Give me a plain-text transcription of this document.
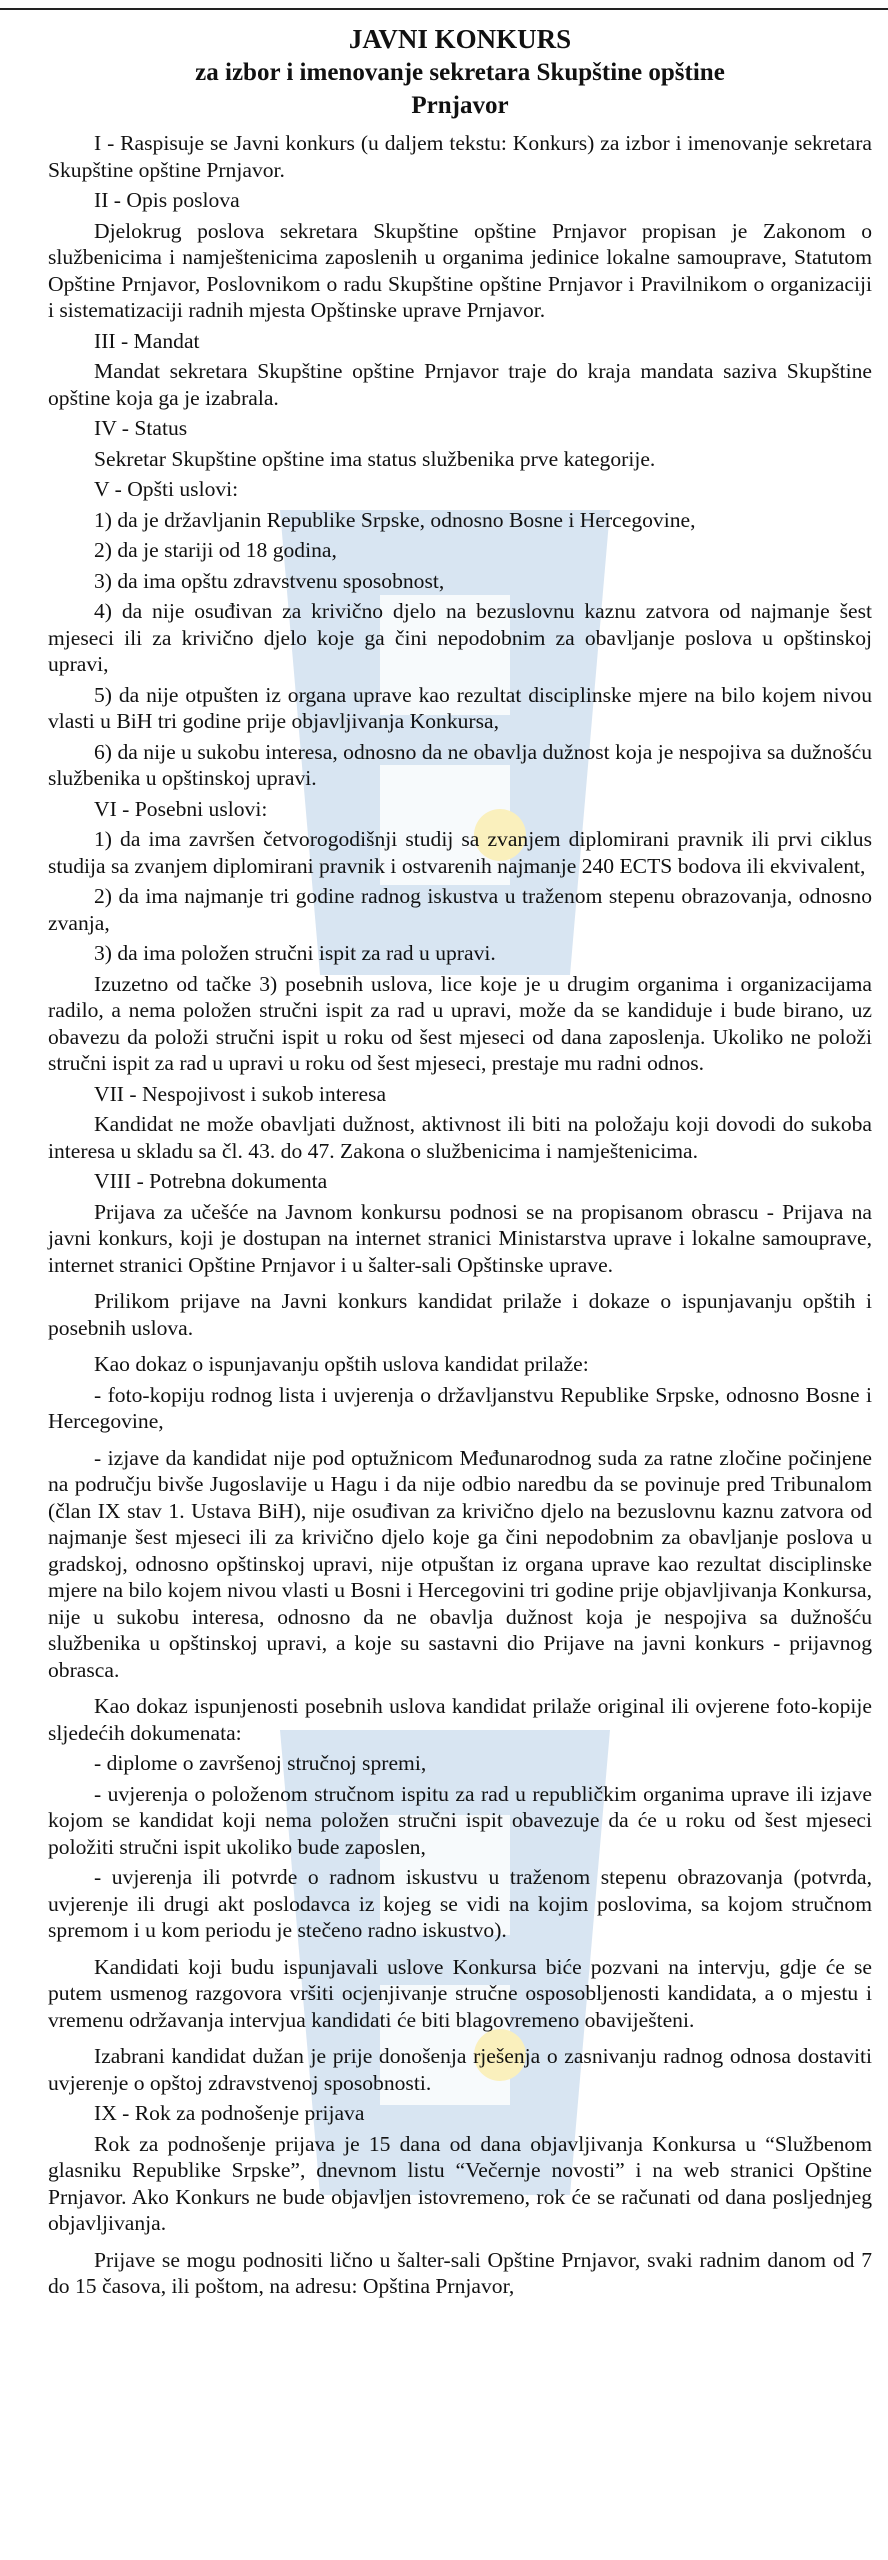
JAVNI KONKURS
za izbor i imenovanje sekretara Skupštine opštine
Prnjavor
I - Raspisuje se Javni konkurs (u daljem tekstu: Konkurs) za izbor i imenovanje sekretara Skupštine opštine Prnjavor.
II - Opis poslova
Djelokrug poslova sekretara Skupštine opštine Prnjavor propisan je Zakonom o službenicima i namještenicima zaposlenih u organima jedinice lokalne samouprave, Statutom Opštine Prnjavor, Poslovnikom o radu Skupštine opštine Prnjavor i Pravilnikom o organizaciji i sistematizaciji radnih mjesta Opštinske uprave Prnjavor.
III - Mandat
Mandat sekretara Skupštine opštine Prnjavor traje do kraja mandata saziva Skupštine opštine koja ga je izabrala.
IV - Status
Sekretar Skupštine opštine ima status službenika prve kategorije.
V - Opšti uslovi:
1) da je državljanin Republike Srpske, odnosno Bosne i Hercegovine,
2) da je stariji od 18 godina,
3) da ima opštu zdravstvenu sposobnost,
4) da nije osuđivan za krivično djelo na bezuslovnu kaznu zatvora od najmanje šest mjeseci ili za krivično djelo koje ga čini nepodobnim za obavljanje poslova u opštinskoj upravi,
5) da nije otpušten iz organa uprave kao rezultat disciplinske mjere na bilo kojem nivou vlasti u BiH tri godine prije objavljivanja Konkursa,
6) da nije u sukobu interesa, odnosno da ne obavlja dužnost koja je nespojiva sa dužnošću službenika u opštinskoj upravi.
VI - Posebni uslovi:
1) da ima završen četvorogodišnji studij sa zvanjem diplomirani pravnik ili prvi ciklus studija sa zvanjem diplomirani pravnik i ostvarenih najmanje 240 ECTS bodova ili ekvivalent,
2) da ima najmanje tri godine radnog iskustva u traženom stepenu obrazovanja, odnosno zvanja,
3) da ima položen stručni ispit za rad u upravi.
Izuzetno od tačke 3) posebnih uslova, lice koje je u drugim organima i organizacijama radilo, a nema položen stručni ispit za rad u upravi, može da se kandiduje i bude birano, uz obavezu da položi stručni ispit u roku od šest mjeseci od dana zaposlenja. Ukoliko ne položi stručni ispit za rad u upravi u roku od šest mjeseci, prestaje mu radni odnos.
VII - Nespojivost i sukob interesa
Kandidat ne može obavljati dužnost, aktivnost ili biti na položaju koji dovodi do sukoba interesa u skladu sa čl. 43. do 47. Zakona o službenicima i namještenicima.
VIII - Potrebna dokumenta
Prijava za učešće na Javnom konkursu podnosi se na propisanom obrascu - Prijava na javni konkurs, koji je dostupan na internet stranici Ministarstva uprave i lokalne samouprave, internet stranici Opštine Prnjavor i u šalter-sali Opštinske uprave.
Prilikom prijave na Javni konkurs kandidat prilaže i dokaze o ispunjavanju opštih i posebnih uslova.
Kao dokaz o ispunjavanju opštih uslova kandidat prilaže:
- foto-kopiju rodnog lista i uvjerenja o državljanstvu Republike Srpske, odnosno Bosne i Hercegovine,
- izjave da kandidat nije pod optužnicom Međunarodnog suda za ratne zločine počinjene na području bivše Jugoslavije u Hagu i da nije odbio naredbu da se povinuje pred Tribunalom (član IX stav 1. Ustava BiH), nije osuđivan za krivično djelo na bezuslovnu kaznu zatvora od najmanje šest mjeseci ili za krivično djelo koje ga čini nepodobnim za obavljanje poslova u gradskoj, odnosno opštinskoj upravi, nije otpuštan iz organa uprave kao rezultat disciplinske mjere na bilo kojem nivou vlasti u Bosni i Hercegovini tri godine prije objavljivanja Konkursa, nije u sukobu interesa, odnosno da ne obavlja dužnost koja je nespojiva sa dužnošću službenika u opštinskoj upravi, a koje su sastavni dio Prijave na javni konkurs - prijavnog obrasca.
Kao dokaz ispunjenosti posebnih uslova kandidat prilaže original ili ovjerene foto-kopije sljedećih dokumenata:
- diplome o završenoj stručnoj spremi,
- uvjerenja o položenom stručnom ispitu za rad u republičkim organima uprave ili izjave kojom se kandidat koji nema položen stručni ispit obavezuje da će u roku od šest mjeseci položiti stručni ispit ukoliko bude zaposlen,
- uvjerenja ili potvrde o radnom iskustvu u traženom stepenu obrazovanja (potvrda, uvjerenje ili drugi akt poslodavca iz kojeg se vidi na kojim poslovima, sa kojom stručnom spremom i u kom periodu je stečeno radno iskustvo).
Kandidati koji budu ispunjavali uslove Konkursa biće pozvani na intervju, gdje će se putem usmenog razgovora vršiti ocjenjivanje stručne osposobljenosti kandidata, a o mjestu i vremenu održavanja intervjua kandidati će biti blagovremeno obaviješteni.
Izabrani kandidat dužan je prije donošenja rješenja o zasnivanju radnog odnosa dostaviti uvjerenje o opštoj zdravstvenoj sposobnosti.
IX - Rok za podnošenje prijava
Rok za podnošenje prijava je 15 dana od dana objavljivanja Konkursa u “Službenom glasniku Republike Srpske”, dnevnom listu “Večernje novosti” i na web stranici Opštine Prnjavor. Ako Konkurs ne bude objavljen istovremeno, rok će se računati od dana posljednjeg objavljivanja.
Prijave se mogu podnositi lično u šalter-sali Opštine Prnjavor, svaki radnim danom od 7 do 15 časova, ili poštom, na adresu: Opština Prnjavor,
